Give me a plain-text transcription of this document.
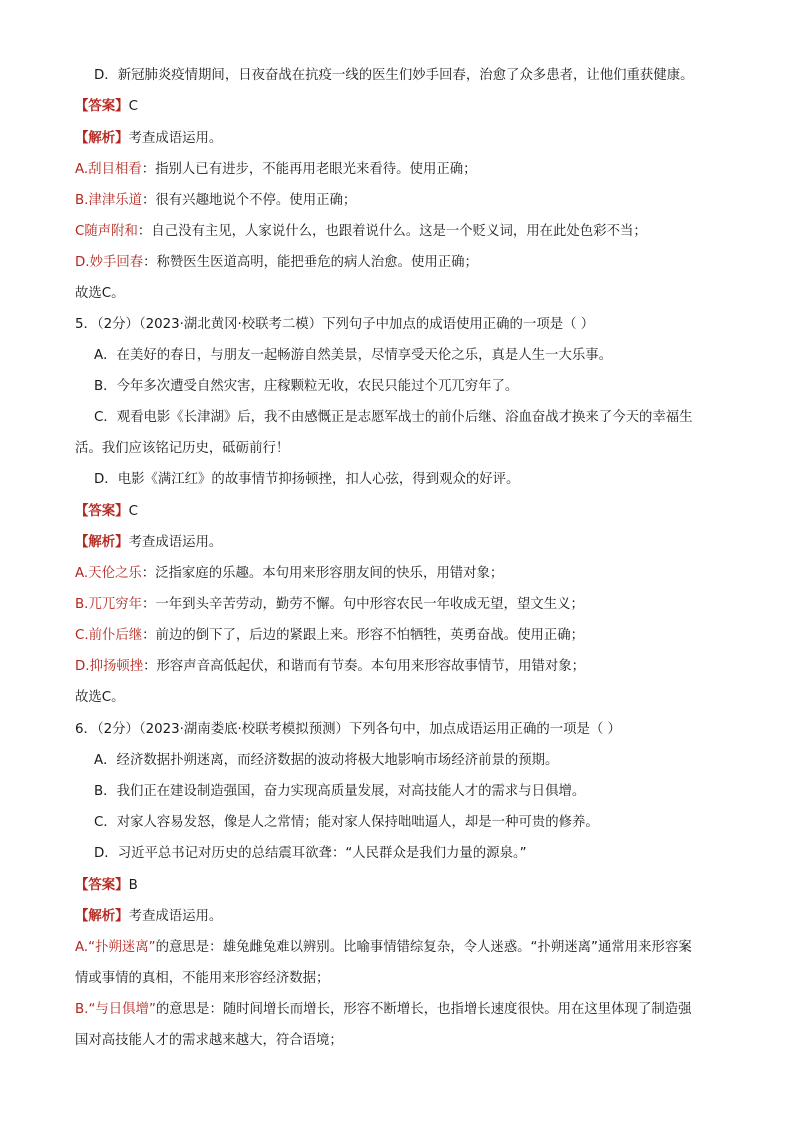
D．新冠肺炎疫情期间，日夜奋战在抗疫一线的医生们妙手回春，治愈了众多患者，让他们重获健康。
【答案】C
【解析】考查成语运用。
A.刮目相看：指别人已有进步，不能再用老眼光来看待。使用正确；
B.津津乐道：很有兴趣地说个不停。使用正确；
C随声附和：自己没有主见，人家说什么，也跟着说什么。这是一个贬义词，用在此处色彩不当；
D.妙手回春：称赞医生医道高明，能把垂危的病人治愈。使用正确；
故选C。
5．（2分）（2023·湖北黄冈·校联考二模）下列句子中加点的成语使用正确的一项是（ ）
A．在美好的春日，与朋友一起畅游自然美景，尽情享受天伦之乐，真是人生一大乐事。
B．今年多次遭受自然灾害，庄稼颗粒无收，农民只能过个兀兀穷年了。
C．观看电影《长津湖》后，我不由感慨正是志愿军战士的前仆后继、浴血奋战才换来了今天的幸福生
活。我们应该铭记历史，砥砺前行！
D．电影《满江红》的故事情节抑扬顿挫，扣人心弦，得到观众的好评。
【答案】C
【解析】考查成语运用。
A.天伦之乐：泛指家庭的乐趣。本句用来形容朋友间的快乐，用错对象；
B.兀兀穷年：一年到头辛苦劳动，勤劳不懈。句中形容农民一年收成无望，望文生义；
C.前仆后继：前边的倒下了，后边的紧跟上来。形容不怕牺牲，英勇奋战。使用正确；
D.抑扬顿挫：形容声音高低起伏，和谐而有节奏。本句用来形容故事情节，用错对象；
故选C。
6．（2分）（2023·湖南娄底·校联考模拟预测）下列各句中，加点成语运用正确的一项是（ ）
A．经济数据扑朔迷离，而经济数据的波动将极大地影响市场经济前景的预期。
B．我们正在建设制造强国，奋力实现高质量发展，对高技能人才的需求与日俱增。
C．对家人容易发怒，像是人之常情；能对家人保持咄咄逼人，却是一种可贵的修养。
D．习近平总书记对历史的总结震耳欲聋：“人民群众是我们力量的源泉。”
【答案】B
【解析】考查成语运用。
A.“扑朔迷离”的意思是：雄兔雌兔难以辨别。比喻事情错综复杂，令人迷惑。“扑朔迷离”通常用来形容案
情或事情的真相，不能用来形容经济数据；
B.“与日俱增”的意思是：随时间增长而增长，形容不断增长，也指增长速度很快。用在这里体现了制造强
国对高技能人才的需求越来越大，符合语境；
